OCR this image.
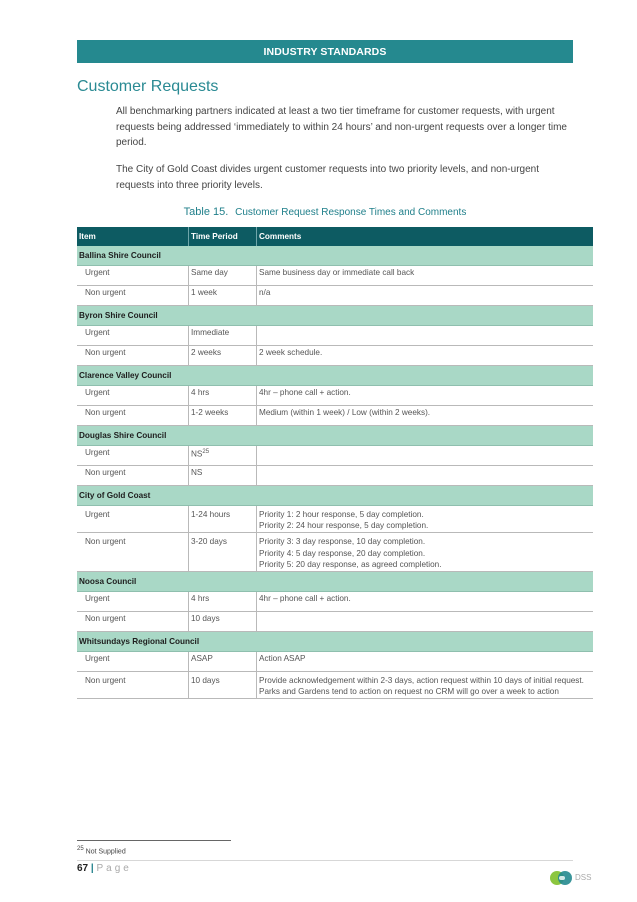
INDUSTRY STANDARDS
Customer Requests
All benchmarking partners indicated at least a two tier timeframe for customer requests, with urgent requests being addressed ‘immediately to within 24 hours’ and non-urgent requests over a longer time period.
The City of Gold Coast divides urgent customer requests into two priority levels, and non-urgent requests into three priority levels.
Table 15. Customer Request Response Times and Comments
Item	Time Period	Comments
Ballina Shire Council		
Urgent	Same day	Same business day or immediate call back
Non urgent	1 week	n/a
Byron Shire Council		
Urgent	Immediate	
Non urgent	2 weeks	2 week schedule.
Clarence Valley Council		
Urgent	4 hrs	4hr – phone call + action.
Non urgent	1-2 weeks	Medium (within 1 week) / Low (within 2 weeks).
Douglas Shire Council		
Urgent	NS$^{25}$	
Non urgent	NS	
City of Gold Coast		
Urgent	1-24 hours	Priority 1: 2 hour response, 5 day completion.
Priority 2: 24 hour response, 5 day completion.

Non urgent	3-20 days	Priority 3: 3 day response, 10 day completion.
Priority 4: 5 day response, 20 day completion.
Priority 5: 20 day response, as agreed completion.

Noosa Council		
Urgent	4 hrs	4hr – phone call + action.
Non urgent	10 days	
Whitsundays Regional Council		
Urgent	ASAP	Action ASAP
Non urgent	10 days	Provide acknowledgement within 2-3 days, action request within 10 days of initial request.
Parks and Gardens tend to action on request no CRM will go over a week to action
25 Not Supplied
67 | Page
DSS
